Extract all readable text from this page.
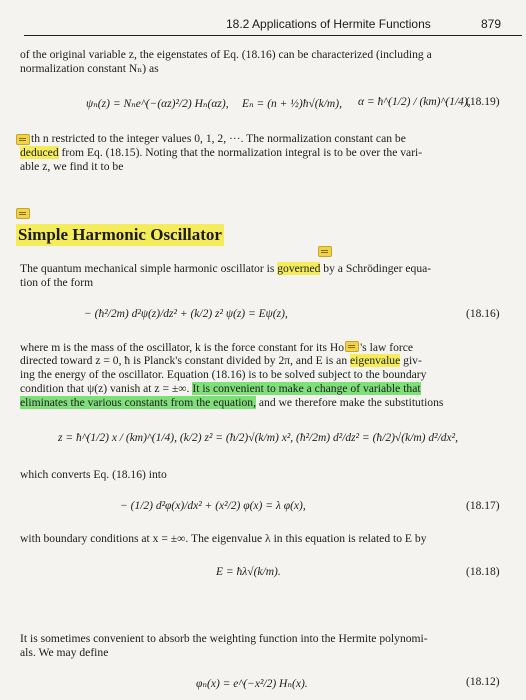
18.2 Applications of Hermite Functions	879
of the original variable z, the eigenstates of Eq. (18.16) can be characterized (including a
normalization constant Nₙ) as
ψₙ(z) = Nₙe^(−(αz)²/2) Hₙ(αz), Eₙ = (n + ½)ħ√(k/m), α = ħ^(1/2) / (km)^(1/4),
(18.19)
th n restricted to the integer values 0, 1, 2, ···. The normalization constant can be
deduced from Eq. (18.15). Noting that the normalization integral is to be over the vari-
able z, we find it to be
Simple Harmonic Oscillator
The quantum mechanical simple harmonic oscillator is governed by a Schrödinger equa-
tion of the form
− (ħ²/2m) d²ψ(z)/dz² + (k/2) z² ψ(z) = Eψ(z),	(18.16)
where m is the mass of the oscillator, k is the force constant for its Ho 's law force
directed toward z = 0, ħ is Planck's constant divided by 2π, and E is an eigenvalue giv-
ing the energy of the oscillator. Equation (18.16) is to be solved subject to the boundary
condition that ψ(z) vanish at z = ±∞. It is convenient to make a change of variable that
eliminates the various constants from the equation, and we therefore make the substitutions
z = ħ^(1/2) x / (km)^(1/4), (k/2) z² = (ħ/2)√(k/m) x², (ħ²/2m) d²/dz² = (ħ/2)√(k/m) d²/dx²,
which converts Eq. (18.16) into
− (1/2) d²φ(x)/dx² + (x²/2) φ(x) = λ φ(x),	(18.17)
with boundary conditions at x = ±∞. The eigenvalue λ in this equation is related to E by
E = ħλ√(k/m).	(18.18)
It is sometimes convenient to absorb the weighting function into the Hermite polynomi-
als. We may define
φₙ(x) = e^(−x²/2) Hₙ(x).	(18.12)
